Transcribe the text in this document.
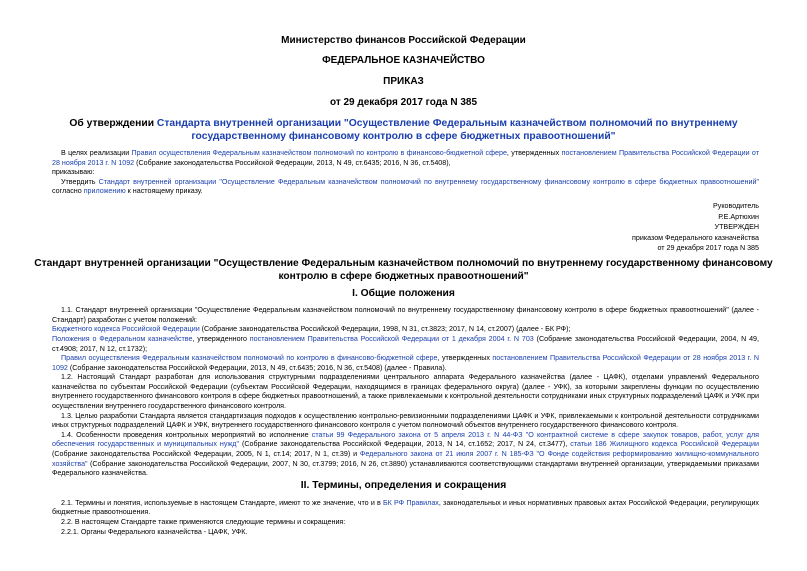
Министерство финансов Российской Федерации
ФЕДЕРАЛЬНОЕ КАЗНАЧЕЙСТВО
ПРИКАЗ
от 29 декабря 2017 года N 385
Об утверждении Стандарта внутренней организации "Осуществление Федеральным казначейством полномочий по внутреннему государственному финансовому контролю в сфере бюджетных правоотношений"
В целях реализации Правил осуществления Федеральным казначейством полномочий по контролю в финансово-бюджетной сфере, утвержденных постановлением Правительства Российской Федерации от 28 ноября 2013 г. N 1092 (Собрание законодательства Российской Федерации, 2013, N 49, ст.6435; 2016, N 36, ст.5408),
приказываю:
Утвердить Стандарт внутренней организации "Осуществление Федеральным казначейством полномочий по внутреннему государственному финансовому контролю в сфере бюджетных правоотношений" согласно приложению к настоящему приказу.
Руководитель
Р.Е.Артюхин
УТВЕРЖДЕН
приказом Федерального казначейства
от 29 декабря 2017 года N 385
Стандарт внутренней организации "Осуществление Федеральным казначейством полномочий по внутреннему государственному финансовому контролю в сфере бюджетных правоотношений"
I. Общие положения
1.1. Стандарт внутренней организации "Осуществление Федеральным казначейством полномочий по внутреннему государственному финансовому контролю в сфере бюджетных правоотношений" (далее - Стандарт) разработан с учетом положений:
Бюджетного кодекса Российской Федерации (Собрание законодательства Российской Федерации, 1998, N 31, ст.3823; 2017, N 14, ст.2007) (далее - БК РФ);
Положения о Федеральном казначействе, утвержденного постановлением Правительства Российской Федерации от 1 декабря 2004 г. N 703 (Собрание законодательства Российской Федерации, 2004, N 49, ст.4908; 2017, N 12, ст.1732);
Правил осуществления Федеральным казначейством полномочий по контролю в финансово-бюджетной сфере, утвержденных постановлением Правительства Российской Федерации от 28 ноября 2013 г. N 1092 (Собрание законодательства Российской Федерации, 2013, N 49, ст.6435; 2016, N 36, ст.5408) (далее - Правила).
1.2. Настоящий Стандарт разработан для использования структурными подразделениями центрального аппарата Федерального казначейства (далее - ЦАФК), отделами управлений Федерального казначейства по субъектам Российской Федерации (субъектам Российской Федерации, находящимся в границах федерального округа) (далее - УФК), за которыми закреплены функции по осуществлению внутреннего государственного финансового контроля в сфере бюджетных правоотношений, а также привлекаемыми к контрольной деятельности сотрудниками иных структурных подразделений ЦАФК и УФК при осуществлении внутреннего государственного финансового контроля.
1.3. Целью разработки Стандарта является стандартизация подходов к осуществлению контрольно-ревизионными подразделениями ЦАФК и УФК, привлекаемыми к контрольной деятельности сотрудниками иных структурных подразделений ЦАФК и УФК, внутреннего государственного финансового контроля с учетом полномочий объектов внутреннего государственного финансового контроля.
1.4. Особенности проведения контрольных мероприятий во исполнение статьи 99 Федерального закона от 5 апреля 2013 г. N 44-ФЗ "О контрактной системе в сфере закупок товаров, работ, услуг для обеспечения государственных и муниципальных нужд" (Собрание законодательства Российской Федерации, 2013, N 14, ст.1652; 2017, N 24, ст.3477), статьи 186 Жилищного кодекса Российской Федерации (Собрание законодательства Российской Федерации, 2005, N 1, ст.14; 2017, N 1, ст.39) и Федерального закона от 21 июля 2007 г. N 185-ФЗ "О Фонде содействия реформированию жилищно-коммунального хозяйства" (Собрание законодательства Российской Федерации, 2007, N 30, ст.3799; 2016, N 26, ст.3890) устанавливаются соответствующими стандартами внутренней организации, утверждаемыми приказами Федерального казначейства.
II. Термины, определения и сокращения
2.1. Термины и понятия, используемые в настоящем Стандарте, имеют то же значение, что и в БК РФ Правилах, законодательных и иных нормативных правовых актах Российской Федерации, регулирующих бюджетные правоотношения.
2.2. В настоящем Стандарте также применяются следующие термины и сокращения:
2.2.1. Органы Федерального казначейства - ЦАФК, УФК.
